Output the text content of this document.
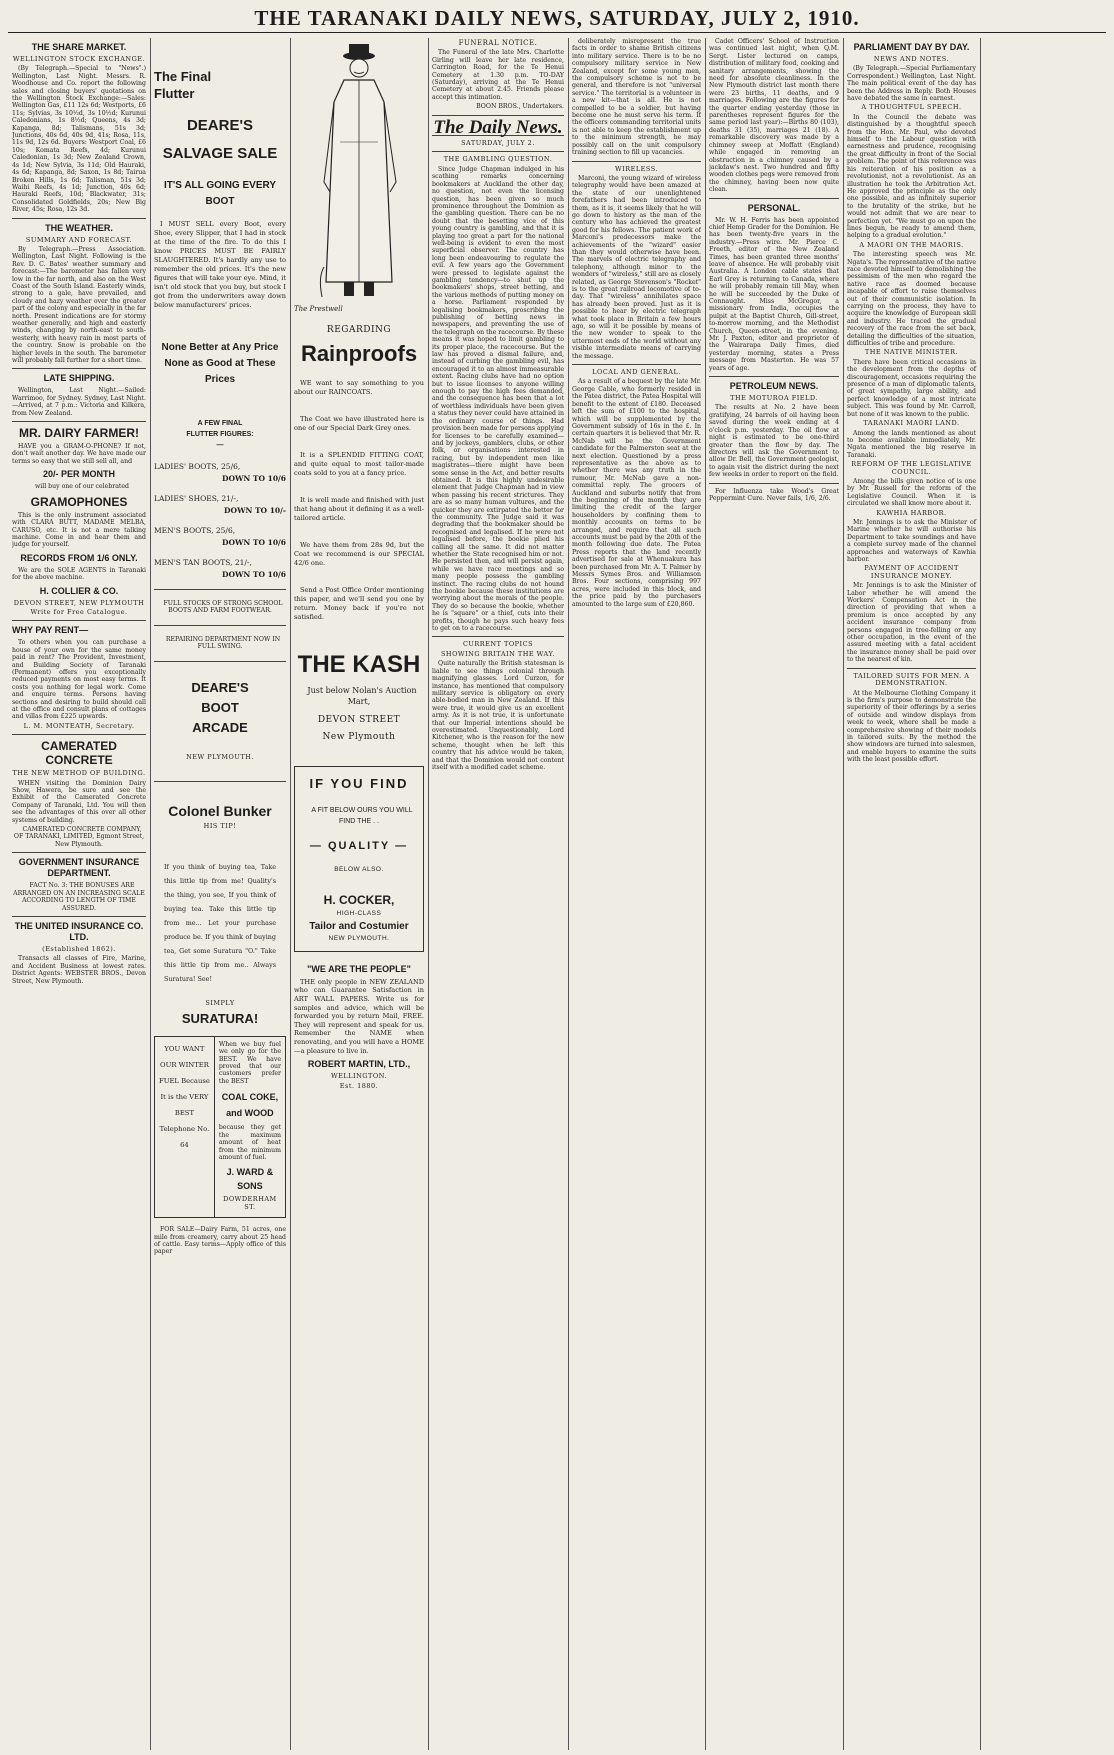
THE TARANAKI DAILY NEWS, SATURDAY, JULY 2, 1910.
THE SHARE MARKET.
WELLINGTON STOCK EXCHANGE.
(By Telegraph.—Special to "News".) Wellington, Last Night. Messrs. R. Woodhouse and Co. report the following sales and closing buyers' quotations on the Wellington Stock Exchange:—Sales: Wellington Gas, £11 12s 6d; Westports, £6 11s; Sylvias, 3s 10½d, 3s 10½d; Kurunui Caledonians, 1s 8½d; Queens, 4s 3d; Kapanga, 8d; Talismans, 51s 3d; Junctions, 40s 6d, 40s 9d, 41s; Rosa, 11s, 11s 9d, 12s 6d. Buyers: Westport Coal, £6 10s; Komata Reefs, 4d; Kurunui Caledonian, 1s 3d; New Zealand Crown, 4s 1d; New Sylvia, 3s 11d; Old Hauraki, 4s 6d; Kapanga, 8d; Saxon, 1s 8d; Tairua Broken Hills, 1s 6d; Talisman, 51s 3d; Waihi Reefs, 4s 1d; Junction, 40s 6d; Hauraki Reefs, 10d; Blackwater, 31s; Consolidated Goldfields, 20s; New Big River, 45s; Rosa, 12s 3d.
THE WEATHER.
SUMMARY AND FORECAST.
By Telegraph.—Press Association. Wellington, Last Night. Following is the Rev. D. C. Bates' weather summary and forecast:—The barometer has fallen very low in the far north, and also on the West Coast of the South Island. Easterly winds, strong to a gale, have prevailed, and cloudy and hazy weather over the greater part of the colony and especially in the far north. Present indications are for stormy weather generally, and high and easterly winds, changing by north-east to south-westerly, with heavy rain in most parts of the country. Snow is probable on the higher levels in the south. The barometer will probably fall further for a short time.
LATE SHIPPING.
Wellington, Last Night.—Sailed: Warrimoo, for Sydney. Sydney, Last Night.—Arrived, at 7 p.m.: Victoria and Kilkera, from New Zealand.
MR. DAIRY FARMER!
HAVE you a GRAM-O-PHONE? If not, don't wait another day. We have made our terms so easy that we still sell all, and
20/- PER MONTH
will buy one of our celebrated
GRAMOPHONES
This is the only instrument associated with CLARA BUTT, MADAME MELBA, CARUSO, etc. It is not a mere talking machine. Come in and hear them and judge for yourself.
RECORDS FROM 1/6 ONLY.
We are the SOLE AGENTS in Taranaki for the above machine.
H. COLLIER & CO.
DEVON STREET, NEW PLYMOUTH
Write for Free Catalogue.
WHY PAY RENT—
To others when you can purchase a house of your own for the same money paid in rent? The Provident, Investment, and Building Society of Taranaki (Permanent) offers you exceptionally reduced payments on most easy terms. It costs you nothing for legal work. Come and enquire terms. Persons having sections and desiring to build should call at the office and consult plans of cottages and villas from £225 upwards.
L. M. MONTEATH, Secretary.
CAMERATED CONCRETE
THE NEW METHOD OF BUILDING.
WHEN visiting the Dominion Dairy Show, Hawera, be sure and see the Exhibit of the Camerated Concrete Company of Taranaki, Ltd. You will then see the advantages of this over all other systems of building.
CAMERATED CONCRETE COMPANY, OF TARANAKI, LIMITED, Egmont Street, New Plymouth.
GOVERNMENT INSURANCE DEPARTMENT.
FACT No. 3: THE BONUSES ARE ARRANGED ON AN INCREASING SCALE ACCORDING TO LENGTH OF TIME ASSURED.
THE UNITED INSURANCE CO. LTD.
(Established 1862).
Transacts all classes of Fire, Marine, and Accident Business at lowest rates. District Agents: WEBSTER BROS., Devon Street, New Plymouth.
The Final Flutter
DEARE'S SALVAGE SALE
IT'S ALL GOING EVERY BOOT
I MUST SELL every Boot, every Shoe, every Slipper, that I had in stock at the time of the fire. To do this I know PRICES MUST BE FAIRLY SLAUGHTERED. It's hardly any use to remember the old prices. It's the new figures that will take your eye. Mind, it isn't old stock that you buy, but stock I got from the underwriters away down below manufacturers' prices.
None Better at Any Price None as Good at These Prices
A FEW FINAL FLUTTER FIGURES:—
LADIES' BOOTS, 25/6,
DOWN TO 10/6
LADIES' SHOES, 21/-,
DOWN TO 10/-
MEN'S BOOTS, 25/6,
DOWN TO 10/6
MEN'S TAN BOOTS, 21/-,
DOWN TO 10/6
FULL STOCKS OF STRONG SCHOOL BOOTS AND FARM FOOTWEAR.
REPAIRING DEPARTMENT NOW IN FULL SWING.
DEARE'S BOOT ARCADE
NEW PLYMOUTH.
Colonel Bunker
HIS TIP!
If you think of buying tea, Take this little tip from me! Quality's the thing, you see, If you think of buying tea. Take this little tip from me... Let your purchase produce be. If you think of buying tea, Get some Suratura "O." Take this little tip from me.. Always Suratura! See!
SIMPLY
SURATURA!
YOU WANT OUR WINTER FUEL Because It is the VERY BEST Telephone No. 64
When we buy fuel we only go for the BEST. We have proved that our customers prefer the BEST
COAL COKE, and WOOD
because they get the maximum amount of heat from the minimum amount of fuel.
J. WARD & SONS
DOWDERHAM ST.
FOR SALE—Dairy Farm, 51 acres, one mile from creamery, carry about 25 head of cattle. Easy terms—Apply office of this paper
The Prestwell
REGARDING
Rainproofs
WE want to say something to you about our RAINCOATS.
The Coat we have illustrated here is one of our Special Dark Grey ones.
It is a SPLENDID FITTING COAT, and quite equal to most tailor-made coats sold to you at a fancy price.
It is well made and finished with just that hang about it defining it as a well-tailored article.
We have them from 28s 9d, but the Coat we recommend is our SPECIAL 42/6 one.
Send a Post Office Order mentioning this paper, and we'll send you one by return. Money back if you're not satisfied.
THE KASH
Just below Nolan's Auction Mart,
DEVON STREET
New Plymouth
IF YOU FIND
A FIT BELOW OURS YOU WILL FIND THE . .
— QUALITY —
BELOW ALSO.
H. COCKER,
HIGH-CLASS
Tailor and Costumier
NEW PLYMOUTH.
"WE ARE THE PEOPLE"
THE only people in NEW ZEALAND who can Guarantee Satisfaction in ART WALL PAPERS. Write us for samples and advice, which will be forwarded you by return Mail, FREE. They will represent and speak for us. Remember the NAME when renovating, and you will have a HOME—a pleasure to live in.
ROBERT MARTIN, LTD.,
WELLINGTON.
Est. 1880.
FUNERAL NOTICE.
The Funeral of the late Mrs. Charlotte Girling will leave her late residence, Carrington Road, for the Te Henui Cemetery at 1.30 p.m. TO-DAY (Saturday), arriving at the Te Henui Cemetery at about 2.45. Friends please accept this intimation.
BOON BROS., Undertakers.
The Daily News.
SATURDAY, JULY 2.
THE GAMBLING QUESTION.
Since Judge Chapman indulged in his scathing remarks concerning bookmakers at Auckland the other day, no question, not even the licensing question, has been given so much prominence throughout the Dominion as the gambling question. There can be no doubt that the besetting vice of this young country is gambling, and that it is playing too great a part for the national well-being is evident to even the most superficial observer. The country has long been endeavouring to regulate the evil. A few years ago the Government were pressed to legislate against the gambling tendency—to shut up the bookmakers' shops, street betting, and the various methods of putting money on a horse. Parliament responded by legalising bookmakers, proscribing the publishing of betting news in newspapers, and preventing the use of the telegraph on the racecourse. By these means it was hoped to limit gambling to its proper place, the racecourse. But the law has proved a dismal failure, and, instead of curbing the gambling evil, has encouraged it to an almost immeasurable extent. Racing clubs have had no option but to issue licenses to anyone willing enough to pay the high fees demanded, and the consequence has been that a lot of worthless individuals have been given a status they never could have attained in the ordinary course of things. Had provision been made for persons applying for licenses to be carefully examined—and by jockeys, gamblers, clubs, or other folk, or organisations interested in racing, but by independent men like magistrates—there might have been some sense in the Act, and better results obtained. It is this highly undesirable element that Judge Chapman had in view when passing his recent strictures. They are as so many human vultures, and the quicker they are extirpated the better for the community. The Judge said it was degrading that the bookmaker should be recognised and legalised. If he were not legalised before, the bookie plied his calling all the same. It did not matter whether the State recognised him or not. He persisted then, and will persist again, while we have race meetings and so many people possess the gambling instinct. The racing clubs do not hound the bookie because these institutions are worrying about the morals of the people. They do so because the bookie, whether he is "square" or a thief, cuts into their profits, though he pays such heavy fees to get on to a racecourse.
CURRENT TOPICS
SHOWING BRITAIN THE WAY.
Quite naturally the British statesman is liable to see things colonial through magnifying glasses. Lord Curzon, for instance, has mentioned that compulsory military service is obligatory on every able-bodied man in New Zealand. If this were true, it would give us an excellent army. As it is not true, it is unfortunate that our Imperial intentions should be overestimated. Unquestionably, Lord Kitchener, who is the reason for the new scheme, thought when he left this country that his advice would be taken, and that the Dominion would not content itself with a modified cadet scheme.
deliberately misrepresent the true facts in order to shame British citizens into military service. There is to be no compulsory military service in New Zealand, except for some young men, the compulsory scheme is not to be general, and therefore is not "universal service." The territorial is a volunteer in a new kit—that is all. He is not compelled to be a soldier, but having become one he must serve his term. If the officers commanding territorial units is not able to keep the establishment up to the minimum strength, he may possibly call on the unit compulsory training section to fill up vacancies.
WIRELESS.
Marconi, the young wizard of wireless telegraphy would have been amazed at the state of our unenlightened forefathers had been introduced to them, as it is, it seems likely that he will go down to history as the man of the century who has achieved the greatest good for his fellows. The patient work of Marconi's predecessors make the achievements of the "wizard" easier than they would otherwise have been. The marvels of electric telegraphy and telephony, although minor to the wonders of "wireless," still are as closely related, as George Stevenson's "Rocket" is to the great railroad locomotive of to-day. That "wireless" annihilates space has already been proved. Just as it is possible to hear by electric telegraph what took place in Britain a few hours ago, so will it be possible by means of the new wonder to speak to the uttermost ends of the world without any visible intermediate means of carrying the message.
LOCAL AND GENERAL.
As a result of a bequest by the late Mr. George Cable, who formerly resided in the Patea district, the Patea Hospital will benefit to the extent of £180. Deceased left the sum of £100 to the hospital, which will be supplemented by the Government subsidy of 16s in the £. In certain quarters it is believed that Mr. R. McNab will be the Government candidate for the Palmerston seat at the next election. Questioned by a press representative as the above as to whether there was any truth in the rumour, Mr. McNab gave a non-committal reply. The grocers of Auckland and suburbs notify that from the beginning of the month they are limiting the credit of the larger householders by confining them to monthly accounts on terms to be arranged, and require that all such accounts must be paid by the 20th of the month following due date. The Patea Press reports that the land recently advertised for sale at Whenuakura has been purchased from Mr. A. T. Palmer by Messrs Symes Bros. and Williamson Bros. Four sections, comprising 997 acres, were included in this block, and the price paid by the purchasers amounted to the large sum of £20,860.
Cadet Officers' School of Instruction was continued last night, when Q.M. Sergt. Lister lectured on camps, distribution of military food, cooking and sanitary arrangements, showing the need for absolute cleanliness. In the New Plymouth district last month there were 23 births, 11 deaths, and 9 marriages. Following are the figures for the quarter ending yesterday (those in parentheses represent figures for the same period last year):—Births 80 (103), deaths 31 (35), marriages 21 (18). A remarkable discovery was made by a chimney sweep at Moffatt (England) while engaged in removing an obstruction in a chimney caused by a jackdaw's nest. Two hundred and fifty wooden clothes pegs were removed from the chimney, having been now quite clean.
PERSONAL.
Mr. W. H. Ferris has been appointed chief Hemp Grader for the Dominion. He has been twenty-five years in the industry.—Press wire. Mr. Pierce C. Freeth, editor of the New Zealand Times, has been granted three months' leave of absence. He will probably visit Australia. A London cable states that Earl Grey is returning to Canada, where he will probably remain till May, when he will be succeeded by the Duke of Connaught. Miss McGregor, a missionary from India, occupies the pulpit at the Baptist Church, Gill-street, to-morrow morning, and the Methodist Church, Queen-street, in the evening. Mr. J. Paxton, editor and proprietor of the Wairarapa Daily Times, died yesterday morning, states a Press message from Masterton. He was 57 years of age.
PETROLEUM NEWS.
THE MOTUROA FIELD.
The results at No. 2 have been gratifying, 24 barrels of oil having been saved during the week ending at 4 o'clock p.m. yesterday. The oil flow at night is estimated to be one-third greater than the flow by day. The directors will ask the Government to allow Dr. Bell, the Government geologist, to again visit the district during the next few weeks in order to report on the field.
For Influenza take Wood's Great Peppermint Cure. Never fails, 1/6, 2/6.
PARLIAMENT DAY BY DAY.
NEWS AND NOTES.
(By Telegraph.—Special Parliamentary Correspondent.) Wellington, Last Night. The main political event of the day has been the Address in Reply. Both Houses have debated the same in earnest.
A THOUGHTFUL SPEECH.
In the Council the debate was distinguished by a thoughtful speech from the Hon. Mr. Paul, who devoted himself to the Labour question with earnestness and prudence, recognising the great difficulty in front of the Social problem. The point of this reference was his reiteration of his position as a revolutionist, not a revolutionist. As an illustration he took the Arbitration Act. He approved the principle as the only one possible, and as infinitely superior to the brutality of the strike, but he would not admit that we are near to perfection yet. "We must go on upon the lines begun, be ready to amend them, helping to a gradual evolution."
A MAORI ON THE MAORIS.
The interesting speech was Mr. Ngata's. The representative of the native race devoted himself to demolishing the pessimism of the men who regard the native race as doomed because incapable of effort to raise themselves out of their communistic isolation. In carrying on the process, they have to acquire the knowledge of European skill and industry. He traced the gradual recovery of the race from the set back, detailing the difficulties of the situation, difficulties of tribe and procedure.
THE NATIVE MINISTER.
There have been critical occasions in the development from the depths of discouragement, occasions requiring the presence of a man of diplomatic talents, of great sympathy, large ability, and perfect knowledge of a most intricate subject. This was found by Mr. Carroll, but none of it was known to the public.
TARANAKI MAORI LAND.
Among the lands mentioned as about to become available immediately, Mr. Ngata mentioned the big reserve in Taranaki.
REFORM OF THE LEGISLATIVE COUNCIL.
Among the bills given notice of is one by Mr. Russell for the reform of the Legislative Council. When it is circulated we shall know more about it.
KAWHIA HARBOR.
Mr. Jennings is to ask the Minister of Marine whether he will authorise his Department to take soundings and have a complete survey made of the channel approaches and waterways of Kawhia harbor.
PAYMENT OF ACCIDENT INSURANCE MONEY.
Mr. Jennings is to ask the Minister of Labor whether he will amend the Workers' Compensation Act in the direction of providing that when a premium is once accepted by any accident insurance company from persons engaged in tree-felling or any other occupation, in the event of the assured meeting with a fatal accident the insurance money shall be paid over to the nearest of kin.
TAILORED SUITS FOR MEN. A DEMONSTRATION.
At the Melbourne Clothing Company it is the firm's purpose to demonstrate the superiority of their offerings by a series of outside and window displays from week to week, where shall be made a comprehensive showing of their models in tailored suits. By the method the show windows are turned into salesmen, and enable buyers to examine the suits with the least possible effort.
